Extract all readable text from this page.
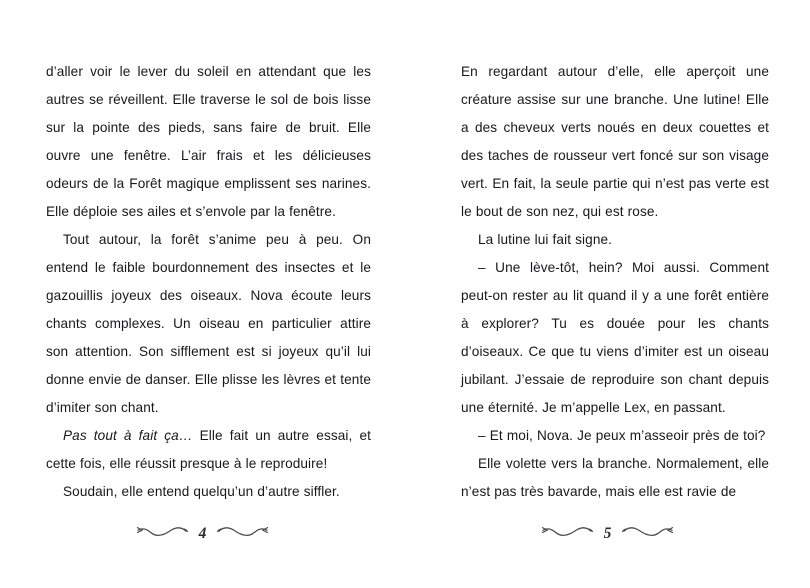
d’aller voir le lever du soleil en attendant que les autres se réveillent. Elle traverse le sol de bois lisse sur la pointe des pieds, sans faire de bruit. Elle ouvre une fenêtre. L’air frais et les délicieuses odeurs de la Forêt magique emplissent ses narines. Elle déploie ses ailes et s’envole par la fenêtre.

Tout autour, la forêt s’anime peu à peu. On entend le faible bourdonnement des insectes et le gazouillis joyeux des oiseaux. Nova écoute leurs chants complexes. Un oiseau en particulier attire son attention. Son sifflement est si joyeux qu’il lui donne envie de danser. Elle plisse les lèvres et tente d’imiter son chant.

Pas tout à fait ça… Elle fait un autre essai, et cette fois, elle réussit presque à le reproduire!

Soudain, elle entend quelqu’un d’autre siffler.

4

En regardant autour d’elle, elle aperçoit une créature assise sur une branche. Une lutine! Elle a des cheveux verts noués en deux couettes et des taches de rousseur vert foncé sur son visage vert. En fait, la seule partie qui n’est pas verte est le bout de son nez, qui est rose.

La lutine lui fait signe.

– Une lève-tôt, hein? Moi aussi. Comment peut-on rester au lit quand il y a une forêt entière à explorer? Tu es douée pour les chants d’oiseaux. Ce que tu viens d’imiter est un oiseau jubilant. J’essaie de reproduire son chant depuis une éternité. Je m’appelle Lex, en passant.

– Et moi, Nova. Je peux m’asseoir près de toi?

Elle volette vers la branche. Normalement, elle n’est pas très bavarde, mais elle est ravie de

5
